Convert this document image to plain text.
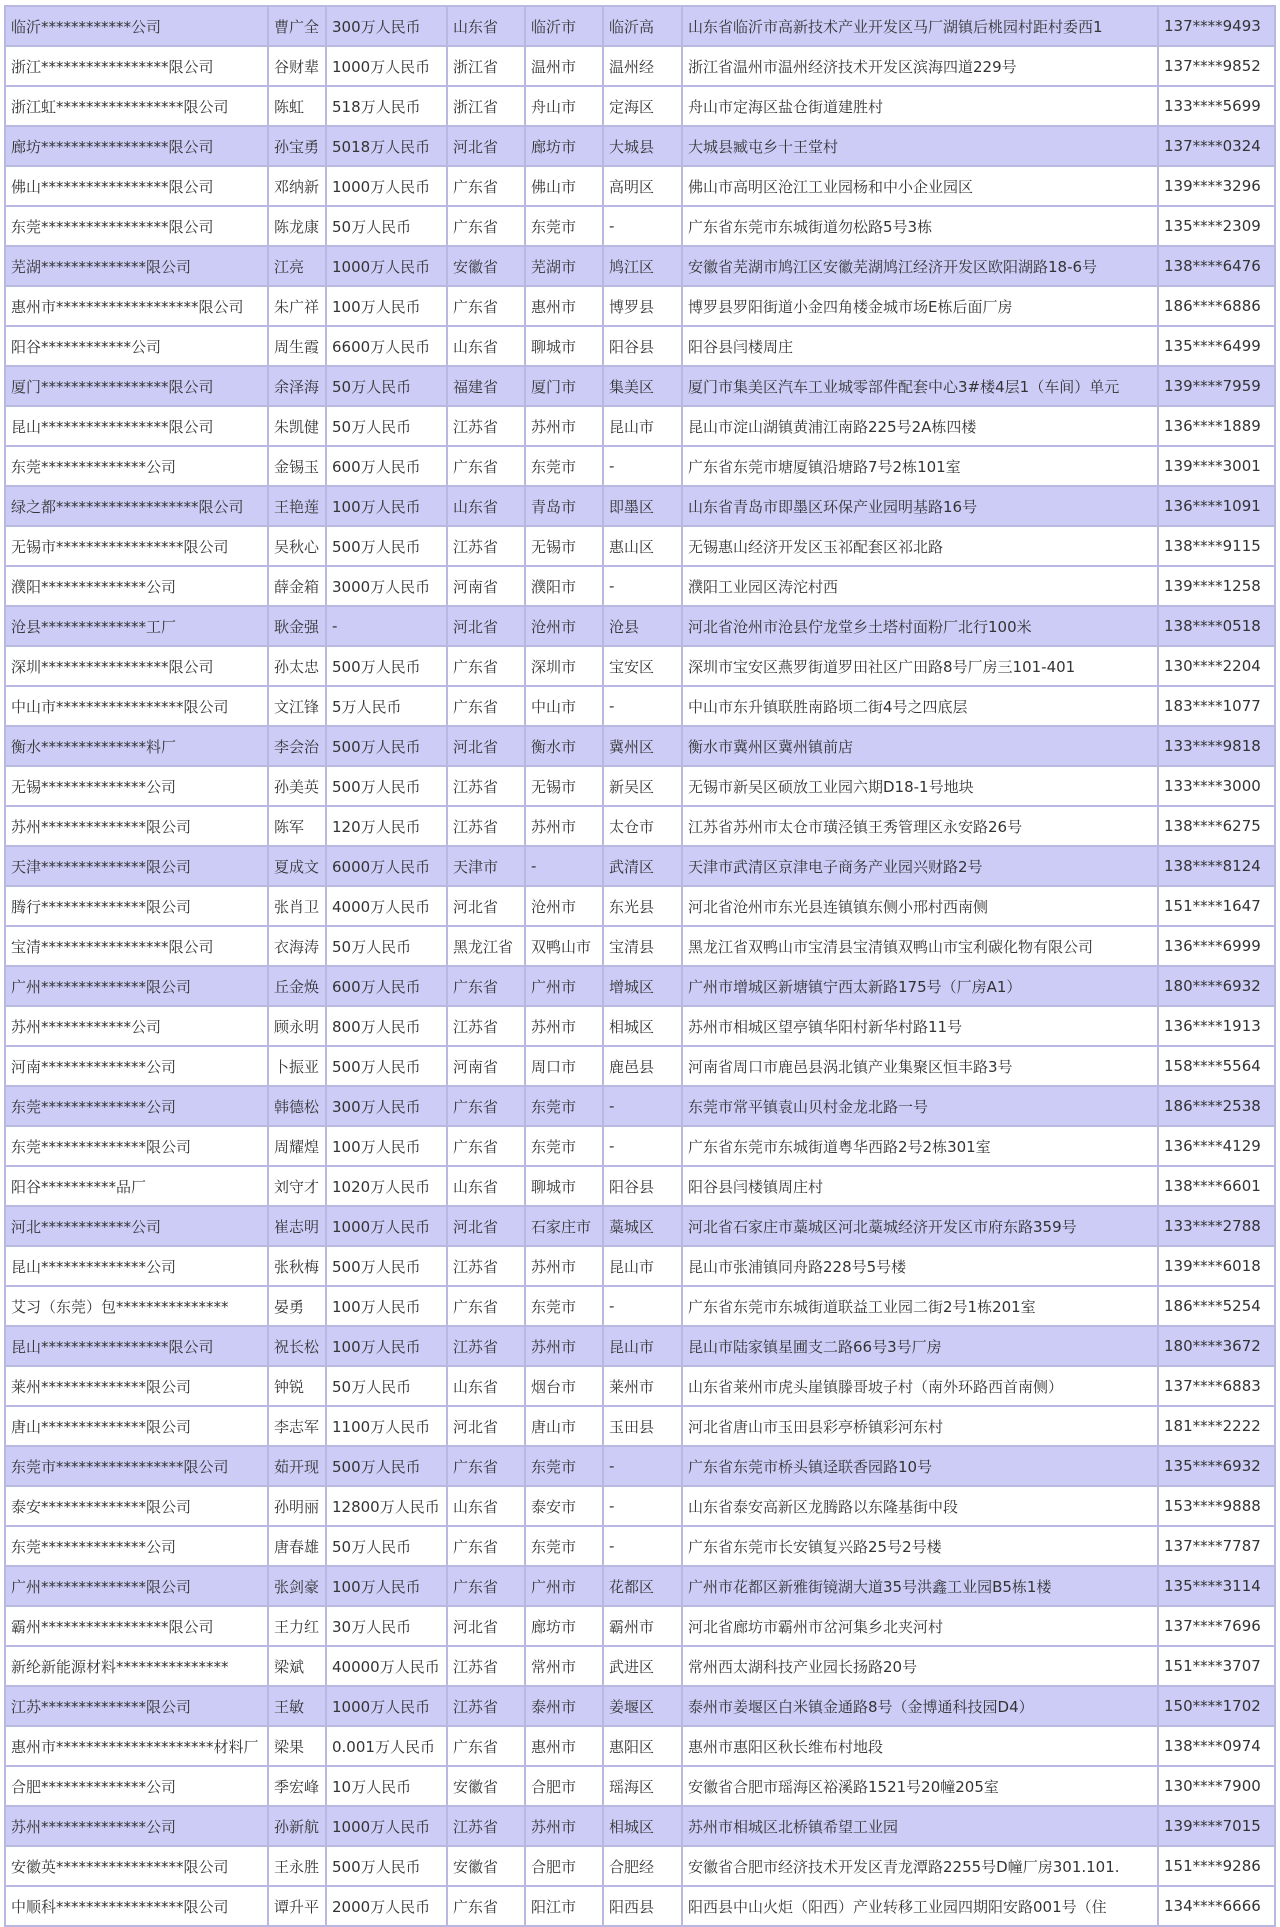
临沂************公司	曹广全	300万人民币	山东省	临沂市	临沂高	山东省临沂市高新技术产业开发区马厂湖镇后桃园村距村委西1	137****9493
浙江*****************限公司	谷财辈	1000万人民币	浙江省	温州市	温州经	浙江省温州市温州经济技术开发区滨海四道229号	137****9852
浙江虹*****************限公司	陈虹	518万人民币	浙江省	舟山市	定海区	舟山市定海区盐仓街道建胜村	133****5699
廊坊*****************限公司	孙宝勇	5018万人民币	河北省	廊坊市	大城县	大城县臧屯乡十王堂村	137****0324
佛山*****************限公司	邓纳新	1000万人民币	广东省	佛山市	高明区	佛山市高明区沧江工业园杨和中小企业园区	139****3296
东莞*****************限公司	陈龙康	50万人民币	广东省	东莞市	-	广东省东莞市东城街道勿松路5号3栋	135****2309
芜湖**************限公司	江亮	1000万人民币	安徽省	芜湖市	鸠江区	安徽省芜湖市鸠江区安徽芜湖鸠江经济开发区欧阳湖路18-6号	138****6476
惠州市*******************限公司	朱广祥	100万人民币	广东省	惠州市	博罗县	博罗县罗阳街道小金四角楼金城市场E栋后面厂房	186****6886
阳谷************公司	周生霞	6600万人民币	山东省	聊城市	阳谷县	阳谷县闫楼周庄	135****6499
厦门*****************限公司	余泽海	50万人民币	福建省	厦门市	集美区	厦门市集美区汽车工业城零部件配套中心3#楼4层1（车间）单元	139****7959
昆山*****************限公司	朱凯健	50万人民币	江苏省	苏州市	昆山市	昆山市淀山湖镇黄浦江南路225号2A栋四楼	136****1889
东莞**************公司	金锡玉	600万人民币	广东省	东莞市	-	广东省东莞市塘厦镇沿塘路7号2栋101室	139****3001
绿之都*******************限公司	王艳莲	100万人民币	山东省	青岛市	即墨区	山东省青岛市即墨区环保产业园明基路16号	136****1091
无锡市*****************限公司	吴秋心	500万人民币	江苏省	无锡市	惠山区	无锡惠山经济开发区玉祁配套区祁北路	138****9115
濮阳**************公司	薛金箱	3000万人民币	河南省	濮阳市	-	濮阳工业园区涛沱村西	139****1258
沧县**************工厂	耿金强	-	河北省	沧州市	沧县	河北省沧州市沧县佇龙堂乡土塔村面粉厂北行100米	138****0518
深圳*****************限公司	孙太忠	500万人民币	广东省	深圳市	宝安区	深圳市宝安区燕罗街道罗田社区广田路8号厂房三101-401	130****2204
中山市*****************限公司	文江锋	5万人民币	广东省	中山市	-	中山市东升镇联胜南路顷二街4号之四底层	183****1077
衡水**************料厂	李会治	500万人民币	河北省	衡水市	冀州区	衡水市冀州区冀州镇前店	133****9818
无锡**************公司	孙美英	500万人民币	江苏省	无锡市	新吴区	无锡市新吴区硕放工业园六期D18-1号地块	133****3000
苏州**************限公司	陈军	120万人民币	江苏省	苏州市	太仓市	江苏省苏州市太仓市璜泾镇王秀管理区永安路26号	138****6275
天津**************限公司	夏成文	6000万人民币	天津市	-	武清区	天津市武清区京津电子商务产业园兴财路2号	138****8124
腾行**************限公司	张肖卫	4000万人民币	河北省	沧州市	东光县	河北省沧州市东光县连镇镇东侧小邢村西南侧	151****1647
宝清*****************限公司	衣海涛	50万人民币	黑龙江省	双鸭山市	宝清县	黑龙江省双鸭山市宝清县宝清镇双鸭山市宝利碳化物有限公司	136****6999
广州**************限公司	丘金焕	600万人民币	广东省	广州市	增城区	广州市增城区新塘镇宁西太新路175号（厂房A1）	180****6932
苏州************公司	顾永明	800万人民币	江苏省	苏州市	相城区	苏州市相城区望亭镇华阳村新华村路11号	136****1913
河南**************公司	卜振亚	500万人民币	河南省	周口市	鹿邑县	河南省周口市鹿邑县涡北镇产业集聚区恒丰路3号	158****5564
东莞**************公司	韩德松	300万人民币	广东省	东莞市	-	东莞市常平镇袁山贝村金龙北路一号	186****2538
东莞**************限公司	周耀煌	100万人民币	广东省	东莞市	-	广东省东莞市东城街道粤华西路2号2栋301室	136****4129
阳谷**********品厂	刘守才	1020万人民币	山东省	聊城市	阳谷县	阳谷县闫楼镇周庄村	138****6601
河北************公司	崔志明	1000万人民币	河北省	石家庄市	藁城区	河北省石家庄市藁城区河北藁城经济开发区市府东路359号	133****2788
昆山**************公司	张秋梅	500万人民币	江苏省	苏州市	昆山市	昆山市张浦镇同舟路228号5号楼	139****6018
艾习（东莞）包***************	晏勇	100万人民币	广东省	东莞市	-	广东省东莞市东城街道联益工业园二街2号1栋201室	186****5254
昆山*****************限公司	祝长松	100万人民币	江苏省	苏州市	昆山市	昆山市陆家镇星圃支二路66号3号厂房	180****3672
莱州**************限公司	钟锐	50万人民币	山东省	烟台市	莱州市	山东省莱州市虎头崖镇滕哥坡子村（南外环路西首南侧）	137****6883
唐山**************限公司	李志军	1100万人民币	河北省	唐山市	玉田县	河北省唐山市玉田县彩亭桥镇彩河东村	181****2222
东莞市*****************限公司	茹开现	500万人民币	广东省	东莞市	-	广东省东莞市桥头镇迳联香园路10号	135****6932
泰安**************限公司	孙明丽	12800万人民币	山东省	泰安市	-	山东省泰安高新区龙腾路以东隆基街中段	153****9888
东莞**************公司	唐春雄	50万人民币	广东省	东莞市	-	广东省东莞市长安镇复兴路25号2号楼	137****7787
广州**************限公司	张剑豪	100万人民币	广东省	广州市	花都区	广州市花都区新雅街镜湖大道35号洪鑫工业园B5栋1楼	135****3114
霸州*****************限公司	王力红	30万人民币	河北省	廊坊市	霸州市	河北省廊坊市霸州市岔河集乡北夹河村	137****7696
新纶新能源材料***************	梁斌	40000万人民币	江苏省	常州市	武进区	常州西太湖科技产业园长扬路20号	151****3707
江苏**************限公司	王敏	1000万人民币	江苏省	泰州市	姜堰区	泰州市姜堰区白米镇金通路8号（金博通科技园D4）	150****1702
惠州市*********************材料厂	梁果	0.001万人民币	广东省	惠州市	惠阳区	惠州市惠阳区秋长维布村地段	138****0974
合肥**************公司	季宏峰	10万人民币	安徽省	合肥市	瑶海区	安徽省合肥市瑶海区裕溪路1521号20幢205室	130****7900
苏州**************公司	孙新航	1000万人民币	江苏省	苏州市	相城区	苏州市相城区北桥镇希望工业园	139****7015
安徽英*****************限公司	王永胜	500万人民币	安徽省	合肥市	合肥经	安徽省合肥市经济技术开发区青龙潭路2255号D幢厂房301.101.	151****9286
中顺科*****************限公司	谭升平	2000万人民币	广东省	阳江市	阳西县	阳西县中山火炬（阳西）产业转移工业园四期阳安路001号（住	134****6666
